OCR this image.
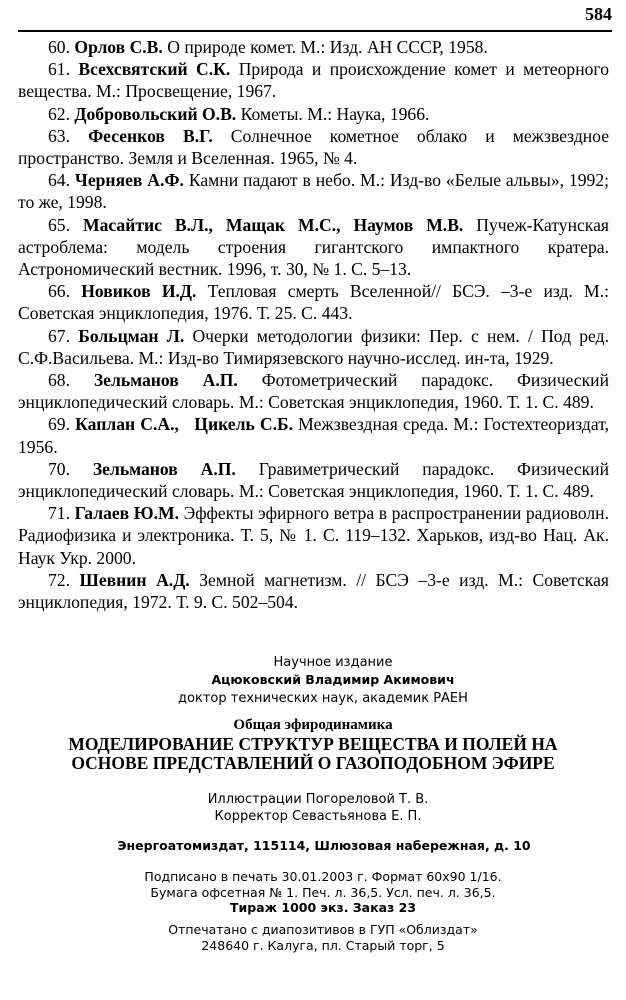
584

60. Орлов С.В. О природе комет. М.: Изд. АН СССР, 1958.

61. Всехсвятский С.К. Природа и происхождение комет и метеорного вещества. М.: Просвещение, 1967.

62. Добровольский О.В. Кометы. М.: Наука, 1966.

63. Фесенков В.Г. Солнечное кометное облако и межзвездное пространство. Земля и Вселенная. 1965, № 4.

64. Черняев А.Ф. Камни падают в небо. М.: Изд-во «Белые альвы», 1992; то же, 1998.

65. Масайтис В.Л., Мащак М.С., Наумов М.В. Пучеж-Катунская астроблема: модель строения гигантского импактного кратера. Астрономический вестник. 1996, т. 30, № 1. С. 5–13.

66. Новиков И.Д. Тепловая смерть Вселенной// БСЭ. –3-е изд. М.: Советская энциклопедия, 1976. Т. 25. С. 443.

67. Больцман Л. Очерки методологии физики: Пер. с нем. / Под ред. С.Ф.Васильева. М.: Изд-во Тимирязевского научно-исслед. ин-та, 1929.

68. Зельманов А.П. Фотометрический парадокс. Физический энциклопедический словарь. М.: Советская энциклопедия, 1960. Т. 1. С. 489.

69. Каплан С.А.,   Цикель С.Б. Межзвездная среда. М.: Гостехтеориздат, 1956.

70. Зельманов А.П. Гравиметрический парадокс. Физический энциклопедический словарь. М.: Советская энциклопедия, 1960. Т. 1. С. 489.

71. Галаев Ю.М. Эффекты эфирного ветра в распространении радиоволн. Радиофизика и электроника. Т. 5, № 1. С. 119–132. Харьков, изд-во Нац. Ак. Наук Укр. 2000.

72. Шевнин А.Д. Земной магнетизм. // БСЭ –3-е изд. М.: Советская энциклопедия, 1972. Т. 9. С. 502–504.

Научное издание
Ацюковский Владимир Акимович
доктор технических наук, академик РАЕН
Общая эфиродинамика
МОДЕЛИРОВАНИЕ СТРУКТУР ВЕЩЕСТВА И ПОЛЕЙ НА
ОСНОВЕ ПРЕДСТАВЛЕНИЙ О ГАЗОПОДОБНОМ ЭФИРЕ
Иллюстрации Погореловой Т. В.
Корректор Севастьянова Е. П.
Энергоатомиздат, 115114, Шлюзовая набережная, д. 10
Подписано в печать 30.01.2003 г. Формат 60x90 1/16.
Бумага офсетная № 1. Печ. л. 36,5. Усл. печ. л. 36,5.
Тираж 1000 экз. Заказ 23
Отпечатано с диапозитивов в ГУП «Облиздат»
248640 г. Калуга, пл. Старый торг, 5
